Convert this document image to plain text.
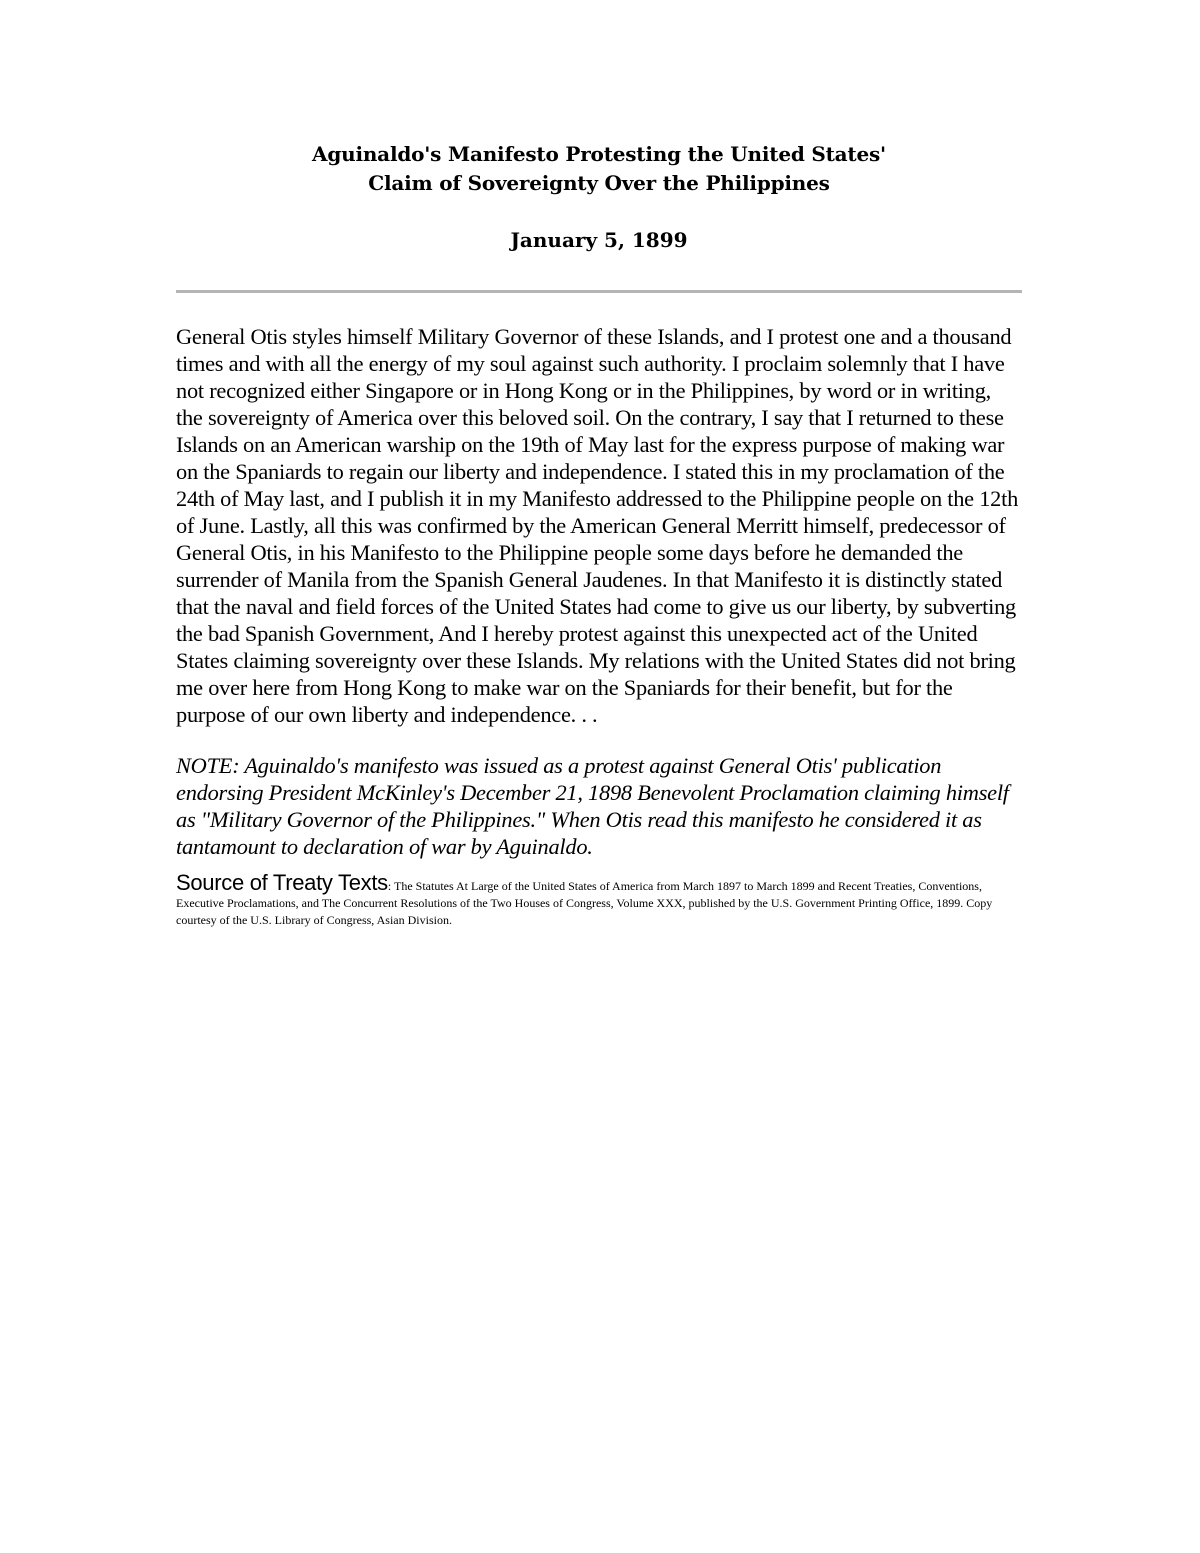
Aguinaldo's Manifesto Protesting the United States'
Claim of Sovereignty Over the Philippines
January 5, 1899

General Otis styles himself Military Governor of these Islands, and I protest one and a thousand times and with all the energy of my soul against such authority. I proclaim solemnly that I have not recognized either Singapore or in Hong Kong or in the Philippines, by word or in writing, the sovereignty of America over this beloved soil. On the contrary, I say that I returned to these Islands on an American warship on the 19th of May last for the express purpose of making war on the Spaniards to regain our liberty and independence. I stated this in my proclamation of the 24th of May last, and I publish it in my Manifesto addressed to the Philippine people on the 12th of June. Lastly, all this was confirmed by the American General Merritt himself, predecessor of General Otis, in his Manifesto to the Philippine people some days before he demanded the surrender of Manila from the Spanish General Jaudenes. In that Manifesto it is distinctly stated that the naval and field forces of the United States had come to give us our liberty, by subverting the bad Spanish Government, And I hereby protest against this unexpected act of the United States claiming sovereignty over these Islands. My relations with the United States did not bring me over here from Hong Kong to make war on the Spaniards for their benefit, but for the purpose of our own liberty and independence. . .

NOTE: Aguinaldo's manifesto was issued as a protest against General Otis' publication endorsing President McKinley's December 21, 1898 Benevolent Proclamation claiming himself as "Military Governor of the Philippines." When Otis read this manifesto he considered it as tantamount to declaration of war by Aguinaldo.

Source of Treaty Texts: The Statutes At Large of the United States of America from March 1897 to March 1899 and Recent Treaties, Conventions, Executive Proclamations, and The Concurrent Resolutions of the Two Houses of Congress, Volume XXX, published by the U.S. Government Printing Office, 1899. Copy courtesy of the U.S. Library of Congress, Asian Division.
